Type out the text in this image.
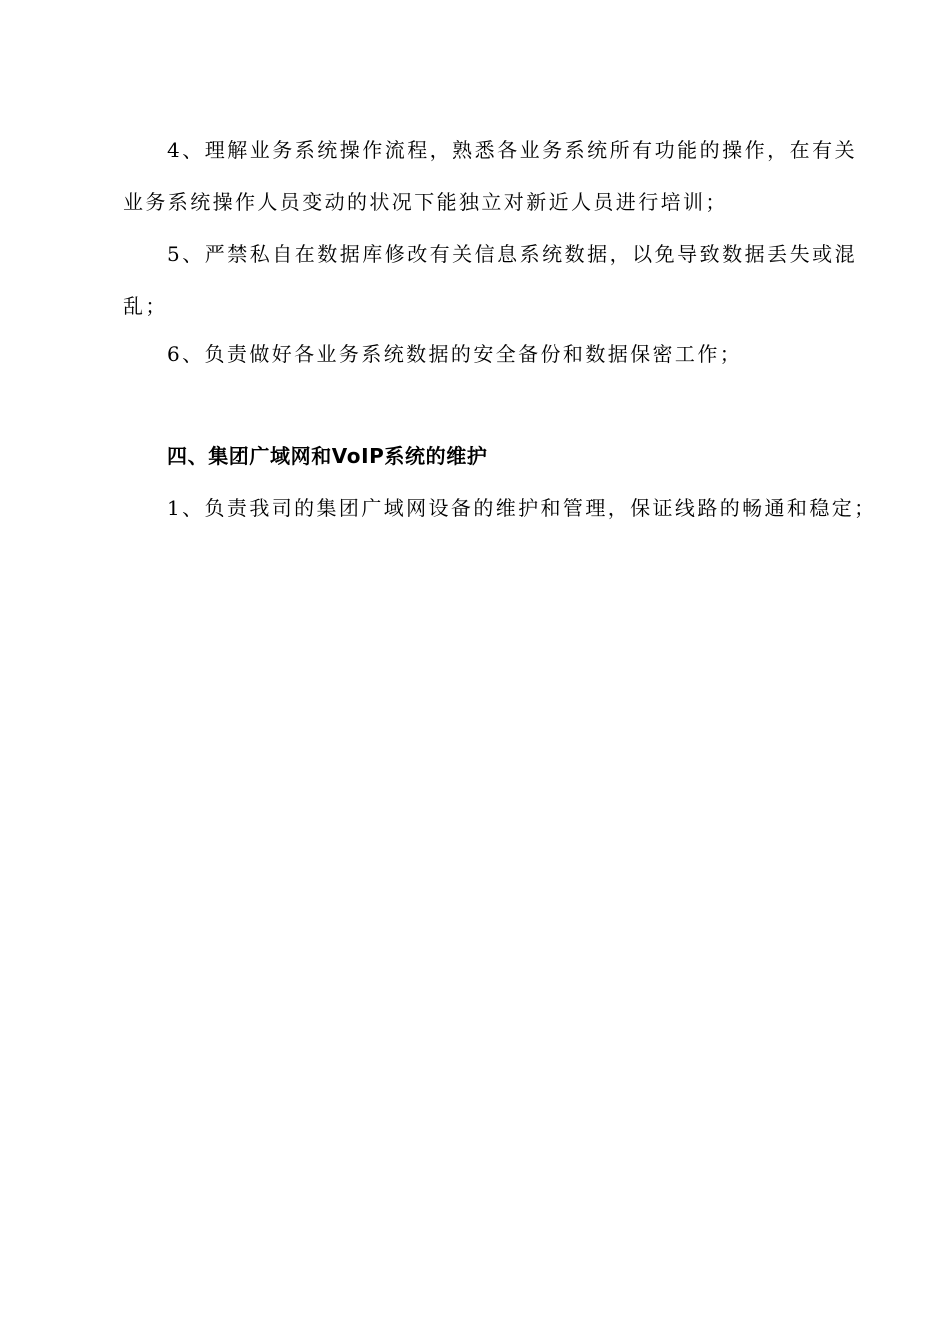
4、理解业务系统操作流程，熟悉各业务系统所有功能的操作，在有关
业务系统操作人员变动的状况下能独立对新近人员进行培训；
5、严禁私自在数据库修改有关信息系统数据，以免导致数据丢失或混
乱；
6、负责做好各业务系统数据的安全备份和数据保密工作；
四、集团广域网和VoIP系统的维护
1、负责我司的集团广域网设备的维护和管理，保证线路的畅通和稳定；
